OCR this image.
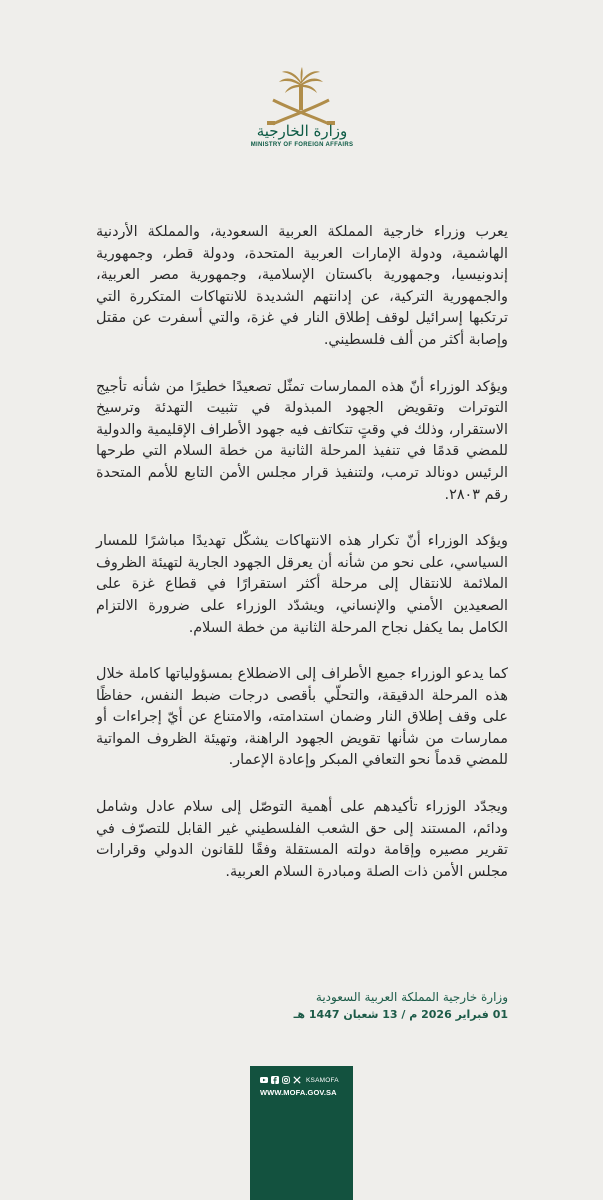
وزارة الخارجية
MINISTRY OF FOREIGN AFFAIRS

يعرب وزراء خارجية المملكة العربية السعودية، والمملكة الأردنية الهاشمية، ودولة الإمارات العربية المتحدة، ودولة قطر، وجمهورية إندونيسيا، وجمهورية باكستان الإسلامية، وجمهورية مصر العربية، والجمهورية التركية، عن إدانتهم الشديدة للانتهاكات المتكررة التي ترتكبها إسرائيل لوقف إطلاق النار في غزة، والتي أسفرت عن مقتل وإصابة أكثر من ألف فلسطيني.

ويؤكد الوزراء أنّ هذه الممارسات تمثّل تصعيدًا خطيرًا من شأنه تأجيج التوترات وتقويض الجهود المبذولة في تثبيت التهدئة وترسيخ الاستقرار، وذلك في وقتٍ تتكاتف فيه جهود الأطراف الإقليمية والدولية للمضي قدمًا في تنفيذ المرحلة الثانية من خطة السلام التي طرحها الرئيس دونالد ترمب، ولتنفيذ قرار مجلس الأمن التابع للأمم المتحدة رقم ٢٨٠٣.

ويؤكد الوزراء أنّ تكرار هذه الانتهاكات يشكّل تهديدًا مباشرًا للمسار السياسي، على نحو من شأنه أن يعرقل الجهود الجارية لتهيئة الظروف الملائمة للانتقال إلى مرحلة أكثر استقرارًا في قطاع غزة على الصعيدين الأمني والإنساني، ويشدّد الوزراء على ضرورة الالتزام الكامل بما يكفل نجاح المرحلة الثانية من خطة السلام.

كما يدعو الوزراء جميع الأطراف إلى الاضطلاع بمسؤولياتها كاملة خلال هذه المرحلة الدقيقة، والتحلّي بأقصى درجات ضبط النفس، حفاظًا على وقف إطلاق النار وضمان استدامته، والامتناع عن أيّ إجراءات أو ممارسات من شأنها تقويض الجهود الراهنة، وتهيئة الظروف المواتية للمضي قدماً نحو التعافي المبكر وإعادة الإعمار.

ويجدّد الوزراء تأكيدهم على أهمية التوصّل إلى سلام عادل وشامل ودائم، المستند إلى حق الشعب الفلسطيني غير القابل للتصرّف في تقرير مصيره وإقامة دولته المستقلة وفقًا للقانون الدولي وقرارات مجلس الأمن ذات الصلة ومبادرة السلام العربية.

وزارة خارجية المملكة العربية السعودية
01 فبراير 2026 م / 13 شعبان 1447 هـ
KSAMOFA
WWW.MOFA.GOV.SA
